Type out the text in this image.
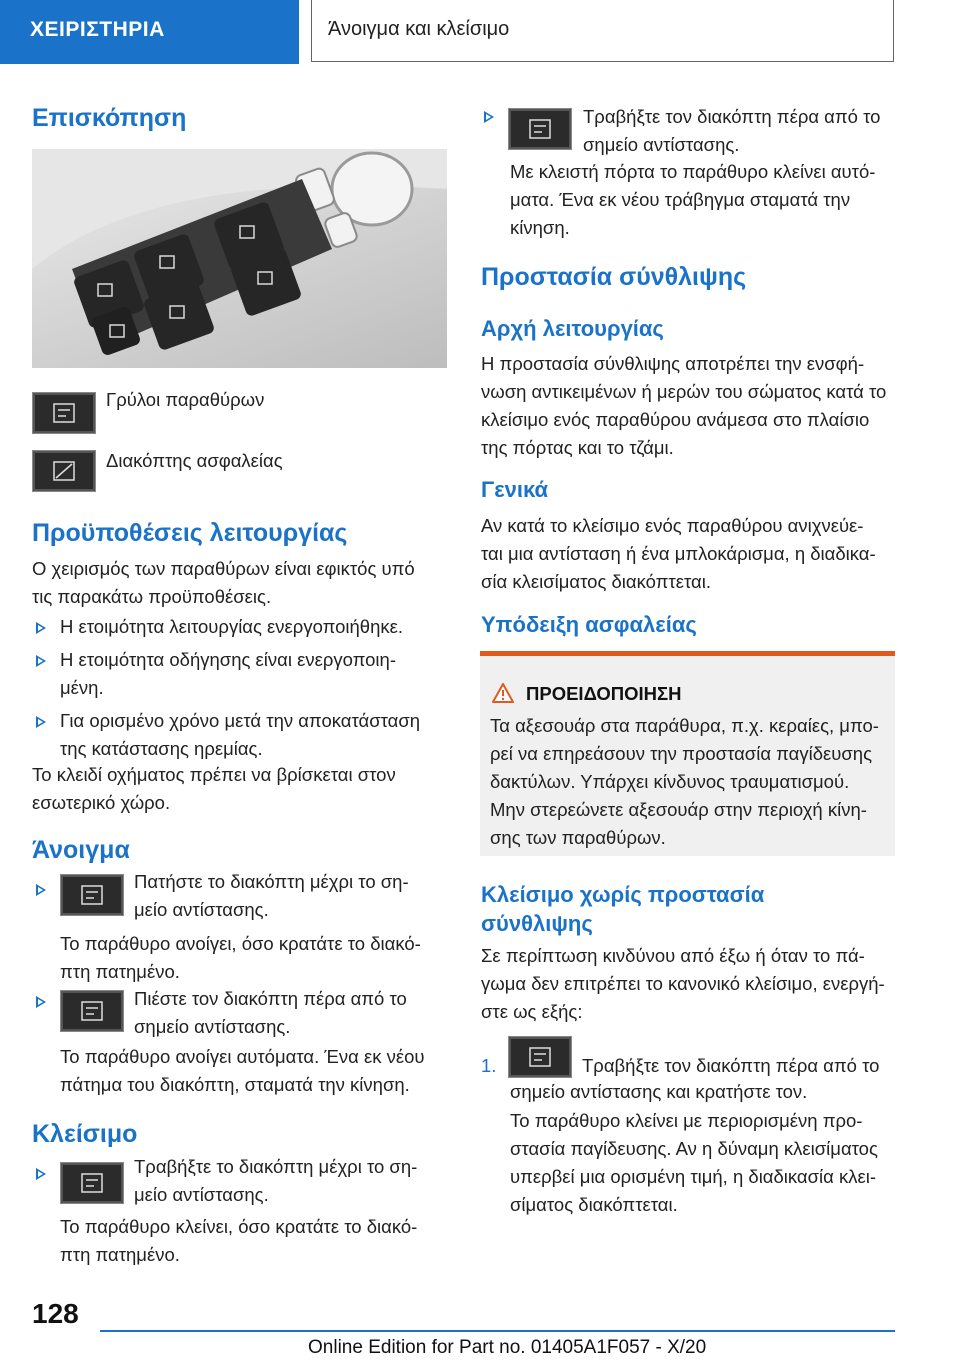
ΧΕΙΡΙΣΤΗΡΙΑ	Άνοιγμα και κλείσιμο
Επισκόπηση
Γρύλοι παραθύρων
Διακόπτης ασφαλείας
Προϋποθέσεις λειτουργίας
Ο χειρισμός των παραθύρων είναι εφικτός υπό
τις παρακάτω προϋποθέσεις.
Η ετοιμότητα λειτουργίας ενεργοποιήθηκε.
Η ετοιμότητα οδήγησης είναι ενεργοποιη-
μένη.
Για ορισμένο χρόνο μετά την αποκατάσταση
της κατάστασης ηρεμίας.
Το κλειδί οχήματος πρέπει να βρίσκεται στον
εσωτερικό χώρο.
Άνοιγμα
Πατήστε το διακόπτη μέχρι το ση-
μείο αντίστασης.
Το παράθυρο ανοίγει, όσο κρατάτε το διακό-
πτη πατημένο.
Πιέστε τον διακόπτη πέρα από το
σημείο αντίστασης.
Το παράθυρο ανοίγει αυτόματα. Ένα εκ νέου
πάτημα του διακόπτη, σταματά την κίνηση.
Κλείσιμο
Τραβήξτε το διακόπτη μέχρι το ση-
μείο αντίστασης.
Το παράθυρο κλείνει, όσο κρατάτε το διακό-
πτη πατημένο.
Τραβήξτε τον διακόπτη πέρα από το
σημείο αντίστασης.
Με κλειστή πόρτα το παράθυρο κλείνει αυτό-
ματα. Ένα εκ νέου τράβηγμα σταματά την
κίνηση.
Προστασία σύνθλιψης
Αρχή λειτουργίας
Η προστασία σύνθλιψης αποτρέπει την ενσφή-
νωση αντικειμένων ή μερών του σώματος κατά το
κλείσιμο ενός παραθύρου ανάμεσα στο πλαίσιο
της πόρτας και το τζάμι.
Γενικά
Αν κατά το κλείσιμο ενός παραθύρου ανιχνεύε-
ται μια αντίσταση ή ένα μπλοκάρισμα, η διαδικα-
σία κλεισίματος διακόπτεται.
Υπόδειξη ασφαλείας
ΠΡΟΕΙΔΟΠΟΙΗΣΗ
Τα αξεσουάρ στα παράθυρα, π.χ. κεραίες, μπο-
ρεί να επηρεάσουν την προστασία παγίδευσης
δακτύλων. Υπάρχει κίνδυνος τραυματισμού.
Μην στερεώνετε αξεσουάρ στην περιοχή κίνη-
σης των παραθύρων.
Κλείσιμο χωρίς προστασία
σύνθλιψης
Σε περίπτωση κινδύνου από έξω ή όταν το πά-
γωμα δεν επιτρέπει το κανονικό κλείσιμο, ενεργή-
στε ως εξής:
1.	Τραβήξτε τον διακόπτη πέρα από το
σημείο αντίστασης και κρατήστε τον.
Το παράθυρο κλείνει με περιορισμένη προ-
στασία παγίδευσης. Αν η δύναμη κλεισίματος
υπερβεί μια ορισμένη τιμή, η διαδικασία κλει-
σίματος διακόπτεται.
128
Online Edition for Part no. 01405A1F057 - X/20
